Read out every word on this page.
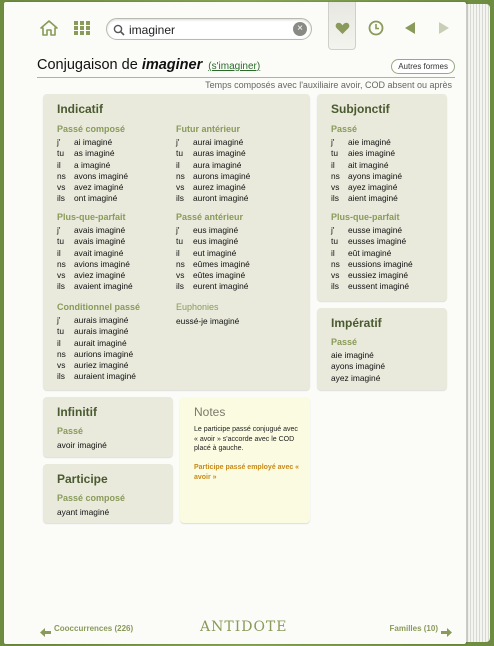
imaginer
×
Conjugaison de imaginer (s'imaginer)	Autres formes
Temps composés avec l'auxiliaire avoir, COD absent ou après
Indicatif
Passé composé
j' ai imaginé
tu as imaginé
il a imaginé
ns avons imaginé
vs avez imaginé
ils ont imaginé
Futur antérieur
j' aurai imaginé
tu auras imaginé
il aura imaginé
ns aurons imaginé
vs aurez imaginé
ils auront imaginé
Plus-que-parfait
j' avais imaginé
tu avais imaginé
il avait imaginé
ns avions imaginé
vs aviez imaginé
ils avaient imaginé
Passé antérieur
j' eus imaginé
tu eus imaginé
il eut imaginé
ns eûmes imaginé
vs eûtes imaginé
ils eurent imaginé
Conditionnel passé
j' aurais imaginé
tu aurais imaginé
il aurait imaginé
ns aurions imaginé
vs auriez imaginé
ils auraient imaginé
Euphonies
eussé-je imaginé
Subjonctif
Passé
j' aie imaginé
tu aies imaginé
il ait imaginé
ns ayons imaginé
vs ayez imaginé
ils aient imaginé
Plus-que-parfait
j' eusse imaginé
tu eusses imaginé
il eût imaginé
ns eussions imaginé
vs eussiez imaginé
ils eussent imaginé
Impératif
Passé
aie imaginé
ayons imaginé
ayez imaginé
Infinitif
Passé
avoir imaginé
Participe
Passé composé
ayant imaginé
Notes
Le participe passé conjugué avec « avoir » s'accorde avec le COD placé à gauche.
Participe passé employé avec « avoir »
Cooccurrences (226)	ANTIDOTE	Familles (10)
